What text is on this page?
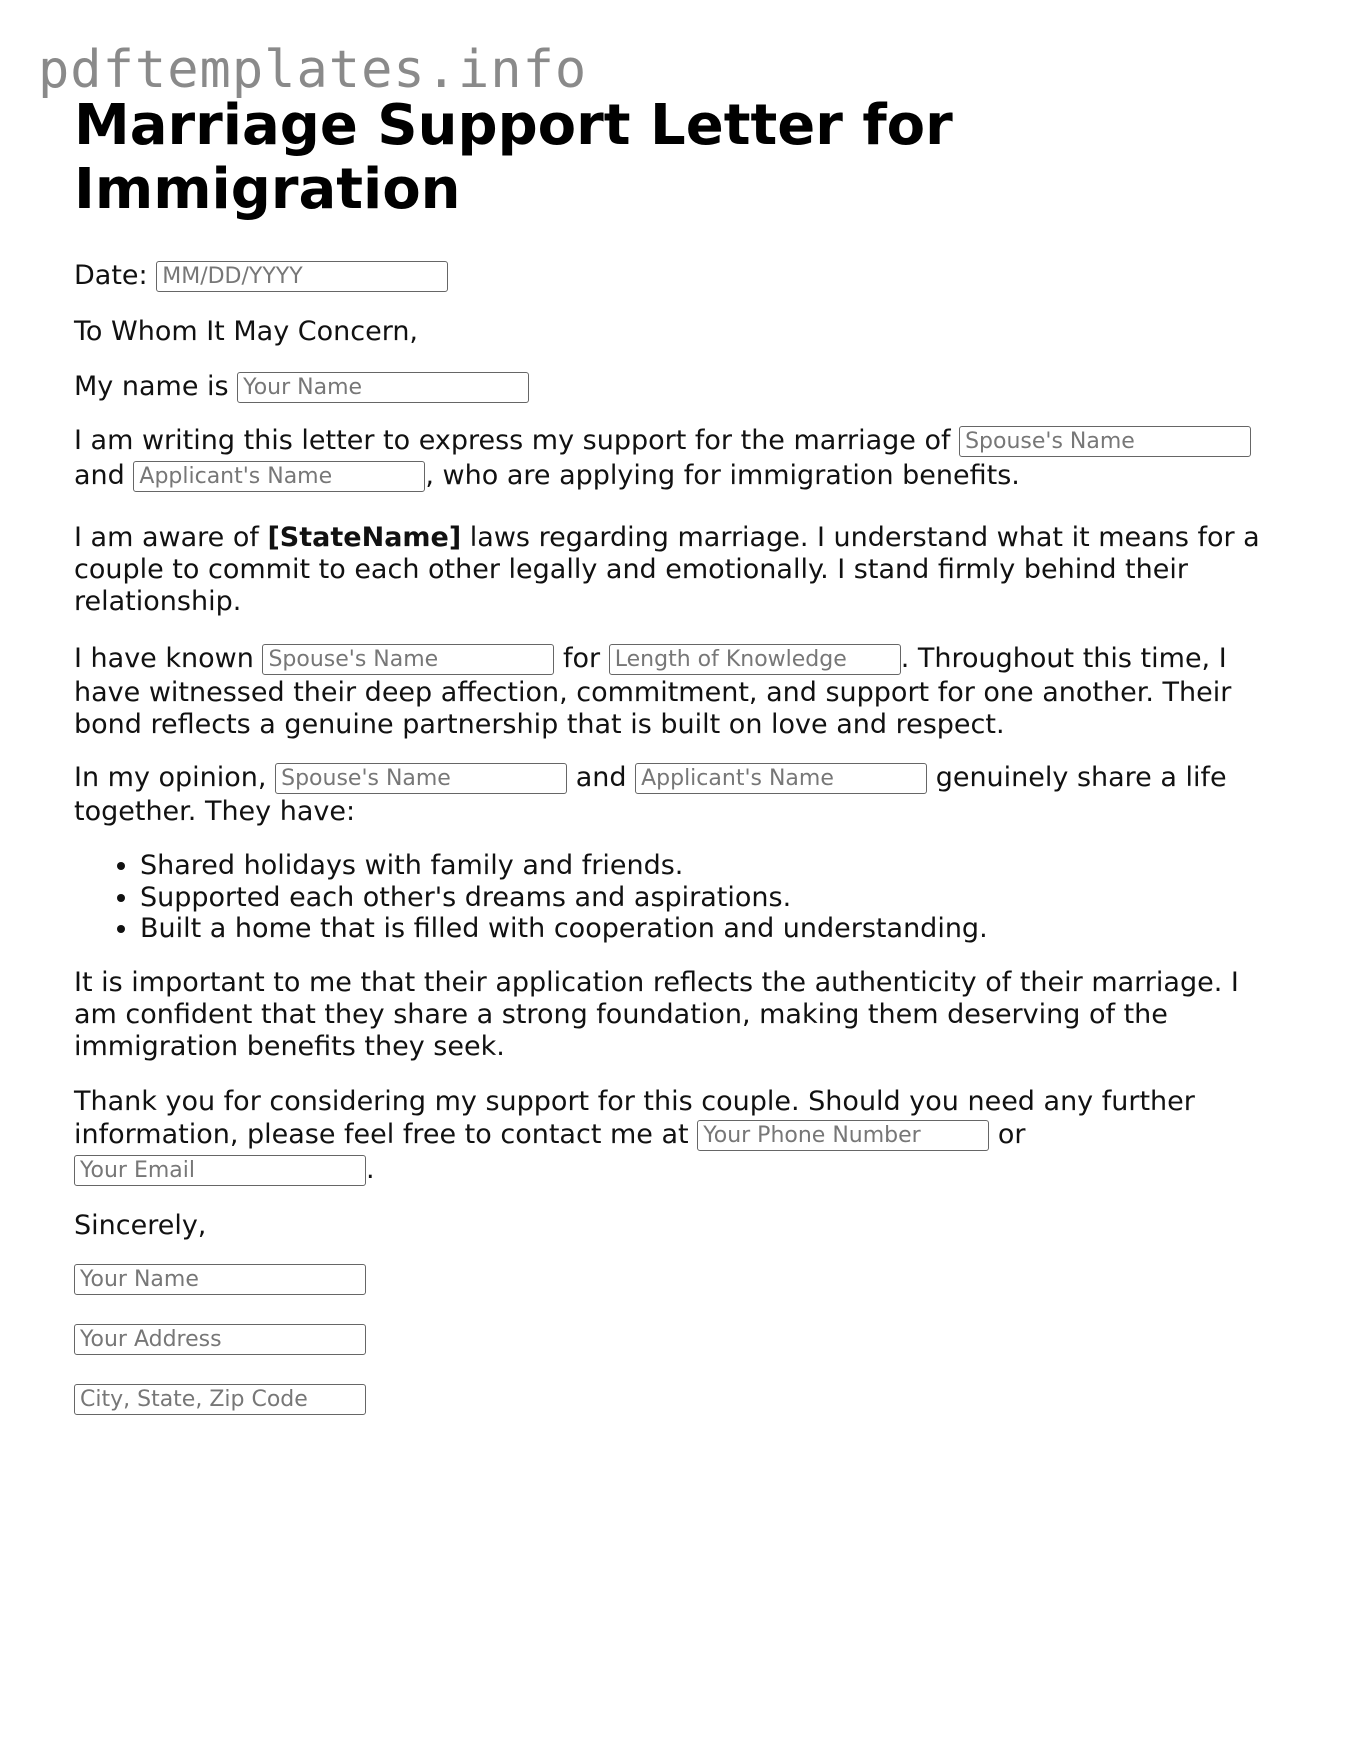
pdftemplates.info
Marriage Support Letter for Immigration

Date: MM/DD/YYYY

To Whom It May Concern,

My name is Your Name

I am writing this letter to express my support for the marriage of Spouse's Name and Applicant's Name	, who are applying for immigration benefits.

I am aware of [StateName] laws regarding marriage. I understand what it means for a couple to commit to each other legally and emotionally. I stand firmly behind their relationship.

I have known Spouse's Name	for Length of Knowledge	. Throughout this time, I have witnessed their deep affection, commitment, and support for one another. Their bond reflects a genuine partnership that is built on love and respect.

In my opinion, Spouse's Name	and Applicant's Name	genuinely share a life together. They have:

• Shared holidays with family and friends.
• Supported each other's dreams and aspirations.
• Built a home that is filled with cooperation and understanding.

It is important to me that their application reflects the authenticity of their marriage. I am confident that they share a strong foundation, making them deserving of the immigration benefits they seek.

Thank you for considering my support for this couple. Should you need any further information, please feel free to contact me at Your Phone Number	or Your Email.

Sincerely,

Your Name
Your Address
City, State, Zip Code
